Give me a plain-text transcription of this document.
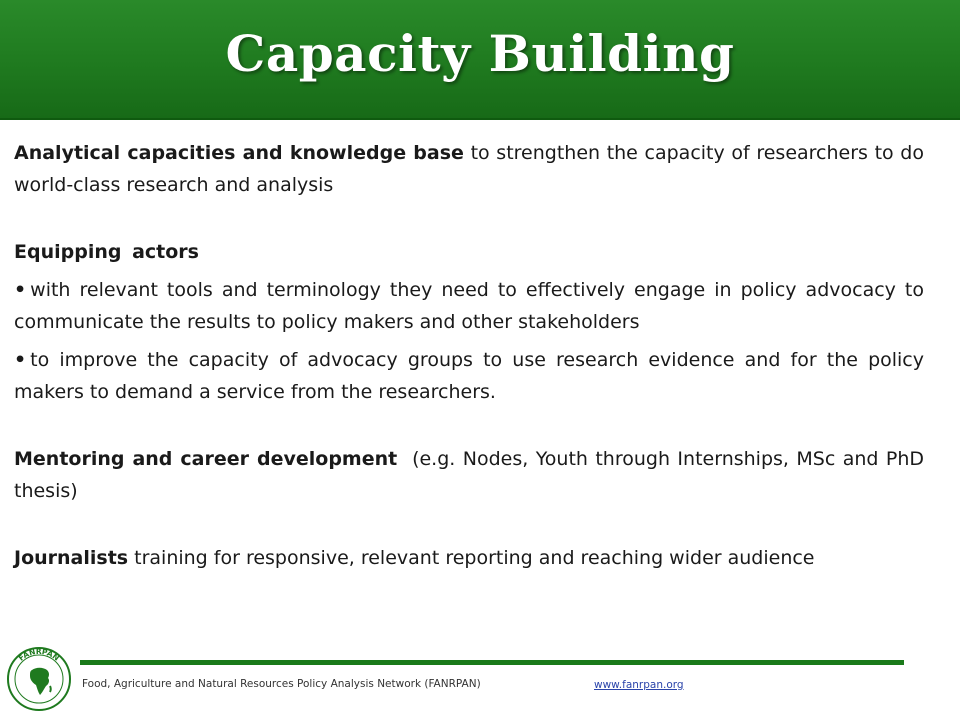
Capacity Building

Analytical capacities and knowledge base to strengthen the capacity of researchers to do world-class research and analysis

Equipping actors

• with relevant tools and terminology they need to effectively engage in policy advocacy to communicate the results to policy makers and other stakeholders

• to improve the capacity of advocacy groups to use research evidence and for the policy makers to demand a service from the researchers.

Mentoring and career development  (e.g. Nodes, Youth through Internships, MSc and PhD thesis)

Journalists training for responsive, relevant reporting and reaching wider audience

FANRPAN
Food, Agriculture and Natural Resources Policy Analysis Network (FANRPAN)	www.fanrpan.org
